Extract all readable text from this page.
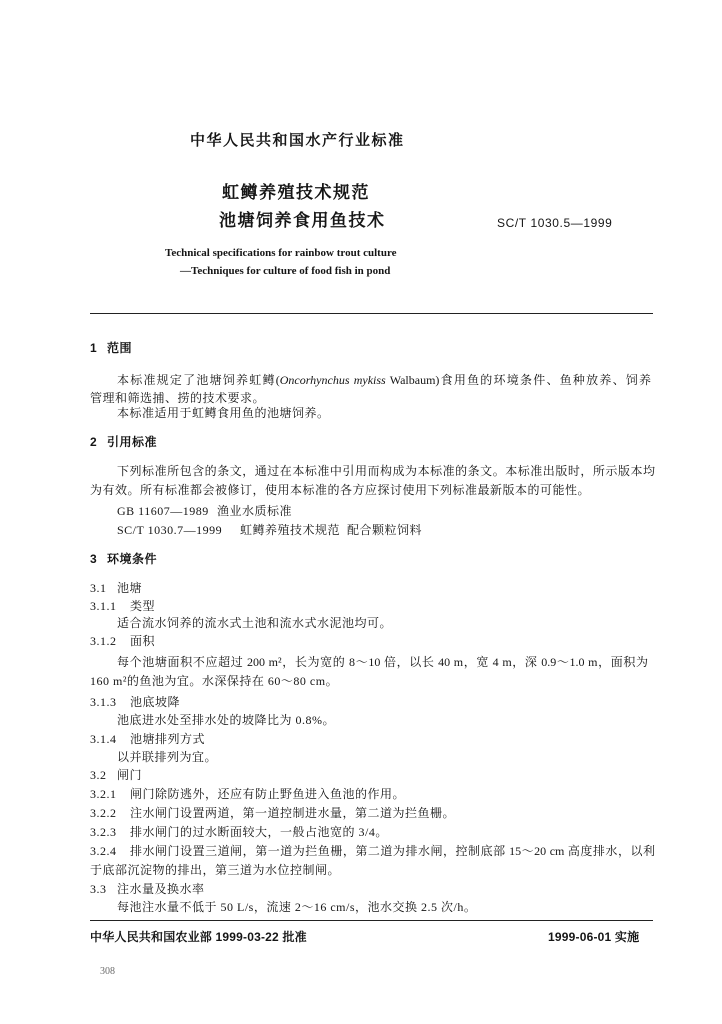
中华人民共和国水产行业标准
虹鳟养殖技术规范
池塘饲养食用鱼技术	SC/T 1030.5—1999
Technical specifications for rainbow trout culture
—Techniques for culture of food fish in pond
1 范围
本标准规定了池塘饲养虹鳟(Oncorhynchus mykiss Walbaum)食用鱼的环境条件、鱼种放养、饲养
管理和筛选捕、捞的技术要求。
本标准适用于虹鳟食用鱼的池塘饲养。
2 引用标准
下列标准所包含的条文，通过在本标准中引用而构成为本标准的条文。本标准出版时，所示版本均
为有效。所有标准都会被修订，使用本标准的各方应探讨使用下列标准最新版本的可能性。
GB 11607—1989 渔业水质标准
SC/T 1030.7—1999 虹鳟养殖技术规范  配合颗粒饲料
3 环境条件
3.1 池塘
3.1.1 类型
适合流水饲养的流水式土池和流水式水泥池均可。
3.1.2 面积
每个池塘面积不应超过 200 m²，长为宽的 8～10 倍，以长 40 m，宽 4 m，深 0.9～1.0 m，面积为
160 m²的鱼池为宜。水深保持在 60～80 cm。
3.1.3 池底坡降
池底进水处至排水处的坡降比为 0.8%。
3.1.4 池塘排列方式
以并联排列为宜。
3.2 闸门
3.2.1 闸门除防逃外，还应有防止野鱼进入鱼池的作用。
3.2.2 注水闸门设置两道，第一道控制进水量，第二道为拦鱼栅。
3.2.3 排水闸门的过水断面较大，一般占池宽的 3/4。
3.2.4 排水闸门设置三道闸，第一道为拦鱼栅，第二道为排水闸，控制底部 15～20 cm 高度排水，以利
于底部沉淀物的排出，第三道为水位控制闸。
3.3 注水量及换水率
每池注水量不低于 50 L/s，流速 2～16 cm/s，池水交换 2.5 次/h。
中华人民共和国农业部 1999-03-22 批准	1999-06-01 实施
308
